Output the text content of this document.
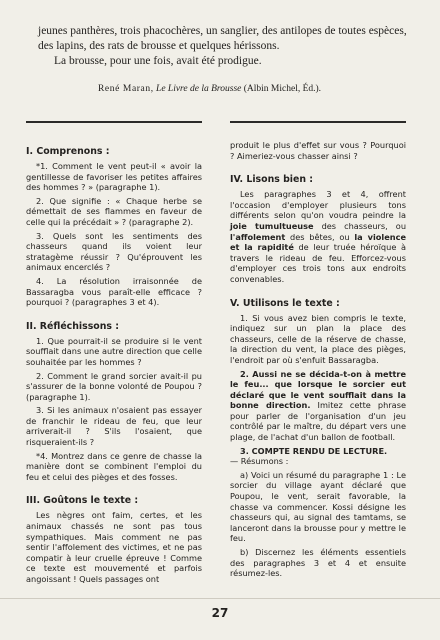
jeunes panthères, trois phacochères, un sanglier, des antilopes de toutes espèces, des lapins, des rats de brousse et quelques hérissons.

La brousse, pour une fois, avait été prodigue.

René Maran, Le Livre de la Brousse (Albin Michel, Éd.).
I. Comprenons :

*1. Comment le vent peut-il « avoir la gentillesse de favoriser les petites affaires des hommes ? » (paragraphe 1).

2. Que signifie : « Chaque herbe se démettait de ses flammes en faveur de celle qui la précédait » ? (paragraphe 2).

3. Quels sont les sentiments des chasseurs quand ils voient leur stratagème réussir ? Qu'éprouvent les animaux encerclés ?

4. La résolution irraisonnée de Bassaragba vous paraît-elle efficace ? pourquoi ? (paragraphes 3 et 4).

II. Réfléchissons :

1. Que pourrait-il se produire si le vent soufflait dans une autre direction que celle souhaitée par les hommes ?

2. Comment le grand sorcier avait-il pu s'assurer de la bonne volonté de Poupou ? (paragraphe 1).

3. Si les animaux n'osaient pas essayer de franchir le rideau de feu, que leur arriverait-il ? S'ils l'osaient, que risqueraient-ils ?

*4. Montrez dans ce genre de chasse la manière dont se combinent l'emploi du feu et celui des pièges et des fosses.

III. Goûtons le texte :

Les nègres ont faim, certes, et les animaux chassés ne sont pas tous sympathiques. Mais comment ne pas sentir l'affolement des victimes, et ne pas compatir à leur cruelle épreuve ! Comme ce texte est mouvementé et parfois angoissant ! Quels passages ont

produit le plus d'effet sur vous ? Pourquoi ? Aimeriez-vous chasser ainsi ?

IV. Lisons bien :

Les paragraphes 3 et 4, offrent l'occasion d'employer plusieurs tons différents selon qu'on voudra peindre la joie tumultueuse des chasseurs, ou l'affolement des bêtes, ou la violence et la rapidité de leur truée héroïque à travers le rideau de feu. Efforcez-vous d'employer ces trois tons aux endroits convenables.

V. Utilisons le texte :

1. Si vous avez bien compris le texte, indiquez sur un plan la place des chasseurs, celle de la réserve de chasse, la direction du vent, la place des pièges, l'endroit par où s'enfuit Bassaragba.

2. Aussi ne se décida-t-on à mettre le feu... que lorsque le sorcier eut déclaré que le vent soufflait dans la bonne direction. Imitez cette phrase pour parler de l'organisation d'un jeu contrôlé par le maître, du départ vers une plage, de l'achat d'un ballon de football.

3. COMPTE RENDU DE LECTURE.
— Résumons :

a) Voici un résumé du paragraphe 1 : Le sorcier du village ayant déclaré que Poupou, le vent, serait favorable, la chasse va commencer. Kossi désigne les chasseurs qui, au signal des tamtams, se lanceront dans la brousse pour y mettre le feu.

b) Discernez les éléments essentiels des paragraphes 3 et 4 et ensuite résumez-les.

27
